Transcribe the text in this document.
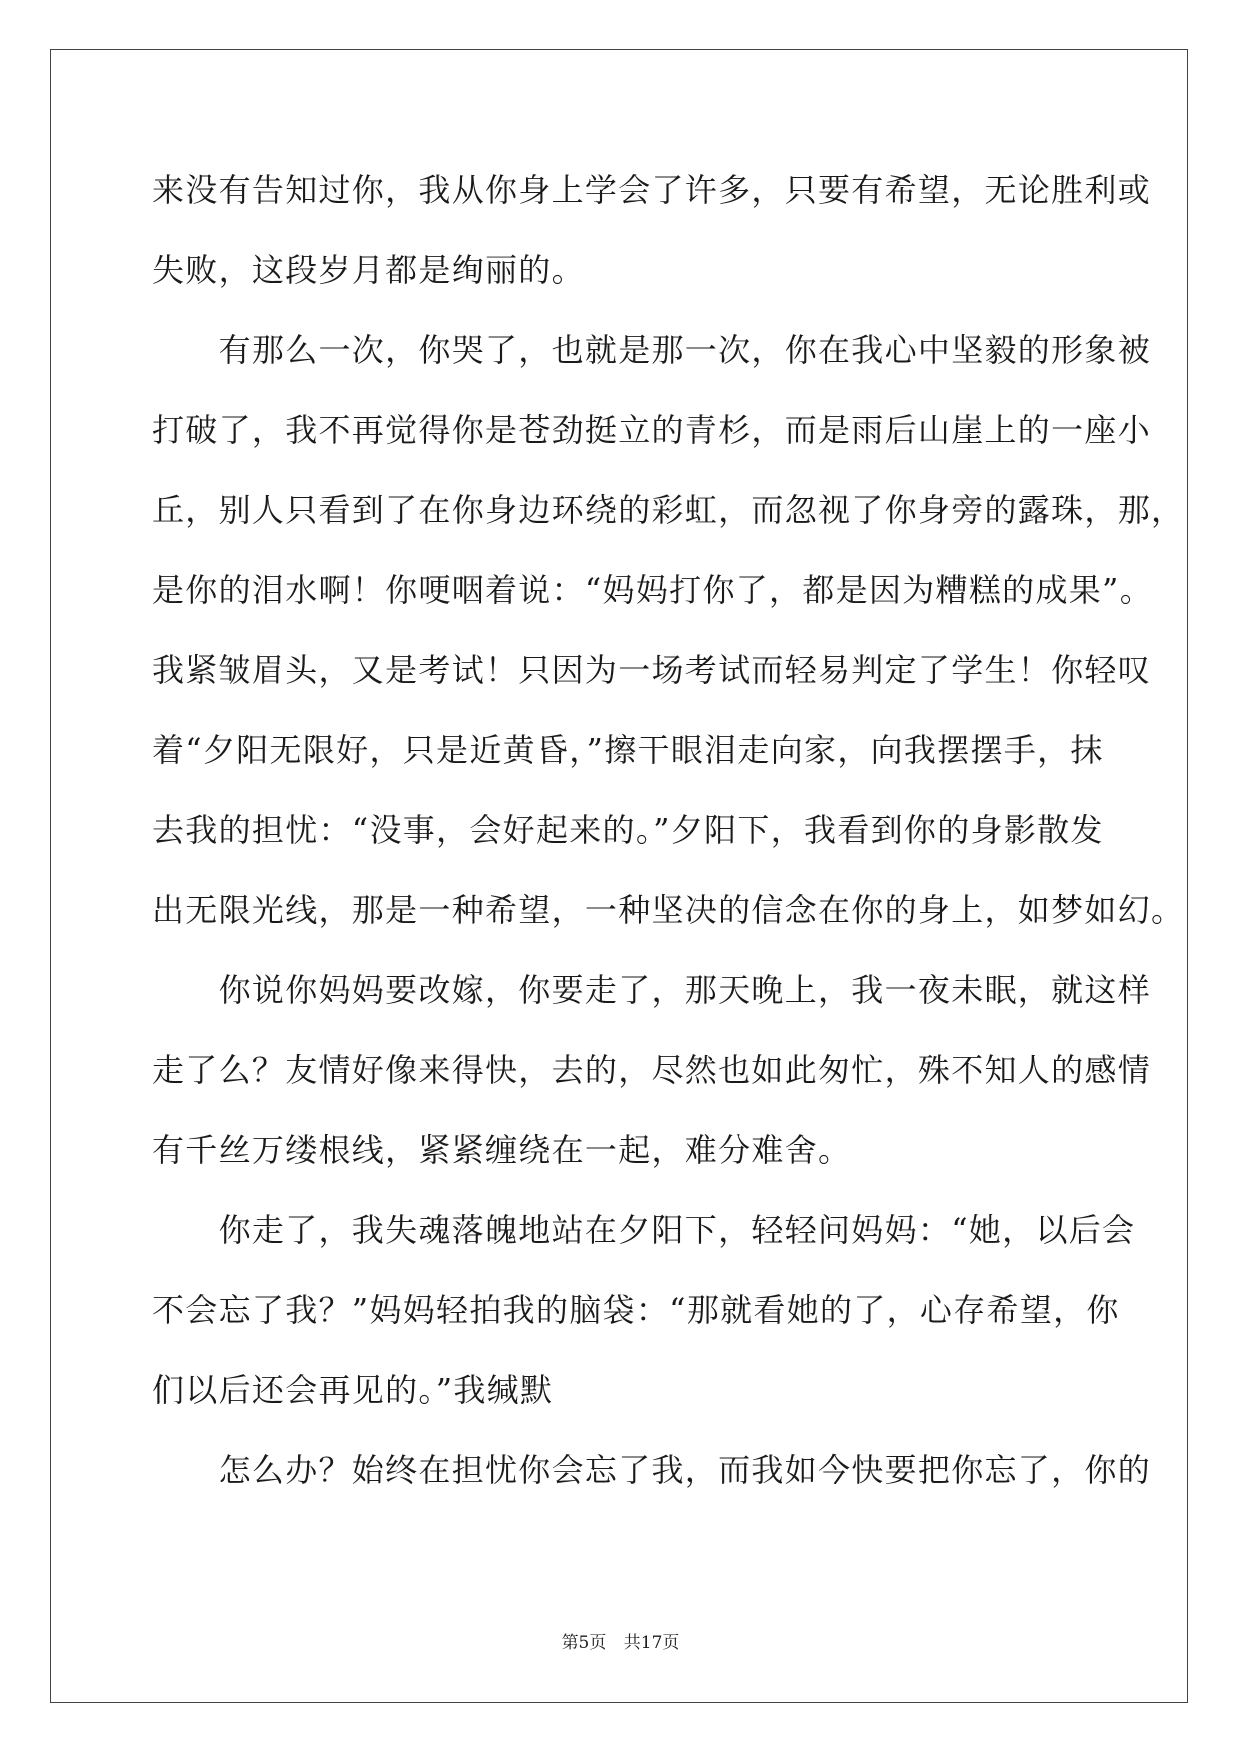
来没有告知过你，我从你身上学会了许多，只要有希望，无论胜利或
失败，这段岁月都是绚丽的。
　　有那么一次，你哭了，也就是那一次，你在我心中坚毅的形象被
打破了，我不再觉得你是苍劲挺立的青杉，而是雨后山崖上的一座小
丘，别人只看到了在你身边环绕的彩虹，而忽视了你身旁的露珠，那，
是你的泪水啊！你哽咽着说：“妈妈打你了，都是因为糟糕的成果”。
我紧皱眉头，又是考试！只因为一场考试而轻易判定了学生！你轻叹
着“夕阳无限好，只是近黄昏，”擦干眼泪走向家，向我摆摆手，抹
去我的担忧：“没事，会好起来的。”夕阳下，我看到你的身影散发
出无限光线，那是一种希望，一种坚决的信念在你的身上，如梦如幻。
　　你说你妈妈要改嫁，你要走了，那天晚上，我一夜未眠，就这样
走了么？友情好像来得快，去的，尽然也如此匆忙，殊不知人的感情
有千丝万缕根线，紧紧缠绕在一起，难分难舍。
　　你走了，我失魂落魄地站在夕阳下，轻轻问妈妈：“她，以后会
不会忘了我？”妈妈轻拍我的脑袋：“那就看她的了，心存希望，你
们以后还会再见的。”我缄默
　　怎么办？始终在担忧你会忘了我，而我如今快要把你忘了，你的
第5页 共17页
